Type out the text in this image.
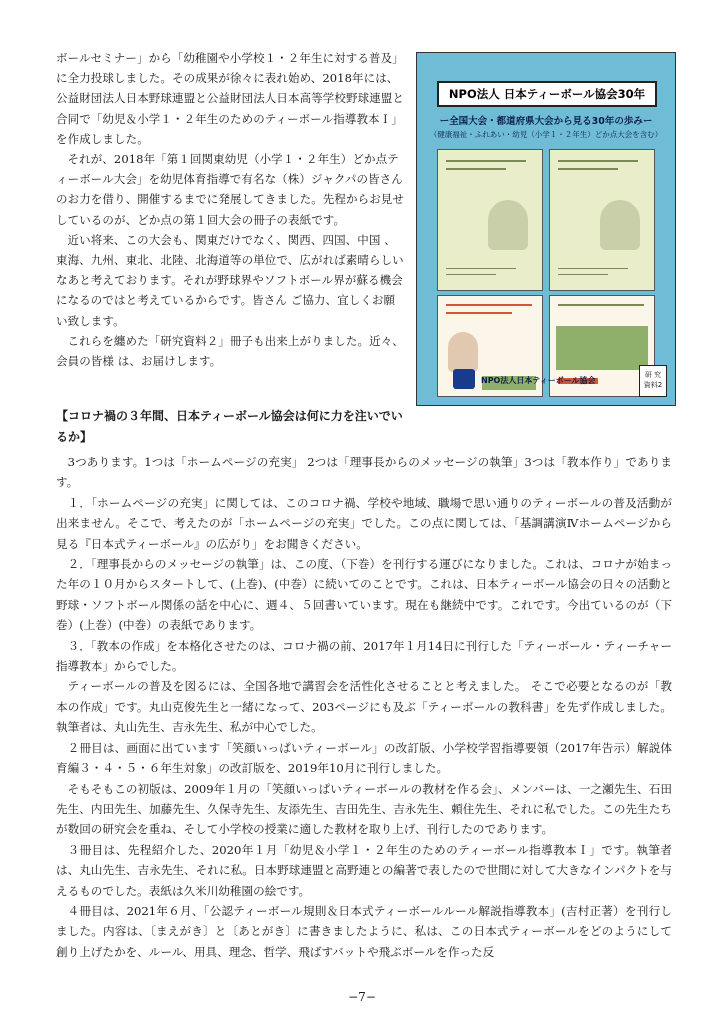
ボールセミナー」から「幼稚園や小学校１・２年生に対する普及」に全力投球しました。その成果が徐々に表れ始め、2018年には、公益財団法人日本野球連盟と公益財団法人日本高等学校野球連盟と合同で「幼児＆小学１・２年生のためのティーボール指導教本Ｉ」を作成しました。

それが、2018年「第１回関東幼児（小学１・２年生）どか点ティーボール大会」を幼児体育指導で有名な（株）ジャクパの皆さんのお力を借り、開催するまでに発展してきました。先程からお見せしているのが、どか点の第１回大会の冊子の表紙です。

近い将来、この大会も、関東だけでなく、関西、四国、中国 、東海、九州、東北、北陸、北海道等の単位で、広がれば素晴らしいなあと考えております。それが野球界やソフトボール界が蘇る機会になるのではと考えているからです。皆さん ご協力、宜しくお願い致します。

これらを纏めた「研究資料２」冊子も出来上がりました。近々、会員の皆様 は、お届けします。

NPO法人 日本ティーボール協会30年
ー全国大会・都道府県大会から見る30年の歩みー
（健康福祉・ふれあい・幼児（小学１・２年生）どか点大会を含む）
NPO法人日本ティーボール協会
研 究
資料2
【コロナ禍の３年間、日本ティーボール協会は何に力を注いでいるか】

3つあります。1つは「ホームページの充実」 2つは「理事長からのメッセージの執筆」3つは「教本作り」であります。

１．「ホームページの充実」に関しては、このコロナ禍、学校や地域、職場で思い通りのティーボールの普及活動が出来ません。そこで、考えたのが「ホームページの充実」でした。この点に関しては、「基調講演Ⅳホームページから見る『日本式ティーボール』の広がり」をお聞きください。

２．「理事長からのメッセージの執筆」は、この度、（下巻）を刊行する運びになりました。これは、コロナが始まった年の１０月からスタートして、(上巻)、(中巻）に続いてのことです。これは、日本ティーボール協会の日々の活動と野球・ソフトボール関係の話を中心に、週４、５回書いています。現在も継続中です。これです。今出ているのが（下巻）(上巻）(中巻）の表紙であります。

３．「教本の作成」を本格化させたのは、コロナ禍の前、2017年１月14日に刊行した「ティーボール・ティーチャー指導教本」からでした。

ティーボールの普及を図るには、全国各地で講習会を活性化させることと考えました。 そこで必要となるのが「教本の作成」です。丸山克俊先生と一緒になって、203ページにも及ぶ「ティーボールの教科書」を先ず作成しました。執筆者は、丸山先生、吉永先生、私が中心でした。

２冊目は、画面に出ています「笑顔いっぱいティーボール」の改訂版、小学校学習指導要領（2017年告示）解説体育編３・４・５・６年生対象」の改訂版を、2019年10月に刊行しました。

そもそもこの初版は、2009年１月の「笑顔いっぱいティーボールの教材を作る会」、メンバーは、一之瀬先生、石田先生、内田先生、加藤先生、久保寺先生、友添先生、吉田先生、吉永先生、頼住先生、それに私でした。この先生たちが数回の研究会を重ね、そして小学校の授業に適した教材を取り上げ、刊行したのであります。

３冊目は、先程紹介した、2020年１月「幼児＆小学１・２年生のためのティーボール指導教本Ｉ」です。執筆者は、丸山先生、吉永先生、それに私。日本野球連盟と高野連との編著で表したので世間に対して大きなインパクトを与えるものでした。表紙は久米川幼稚園の絵です。

４冊目は、2021年６月、「公認ティーボール規則＆日本式ティーボールルール解説指導教本」(吉村正著）を刊行しました。内容は、〔まえがき〕と〔あとがき〕に書きましたように、私は、この日本式ティーボールをどのようにして創り上げたかを、ルール、用具、理念、哲学、飛ばすバットや飛ぶボールを作った反

−7−
